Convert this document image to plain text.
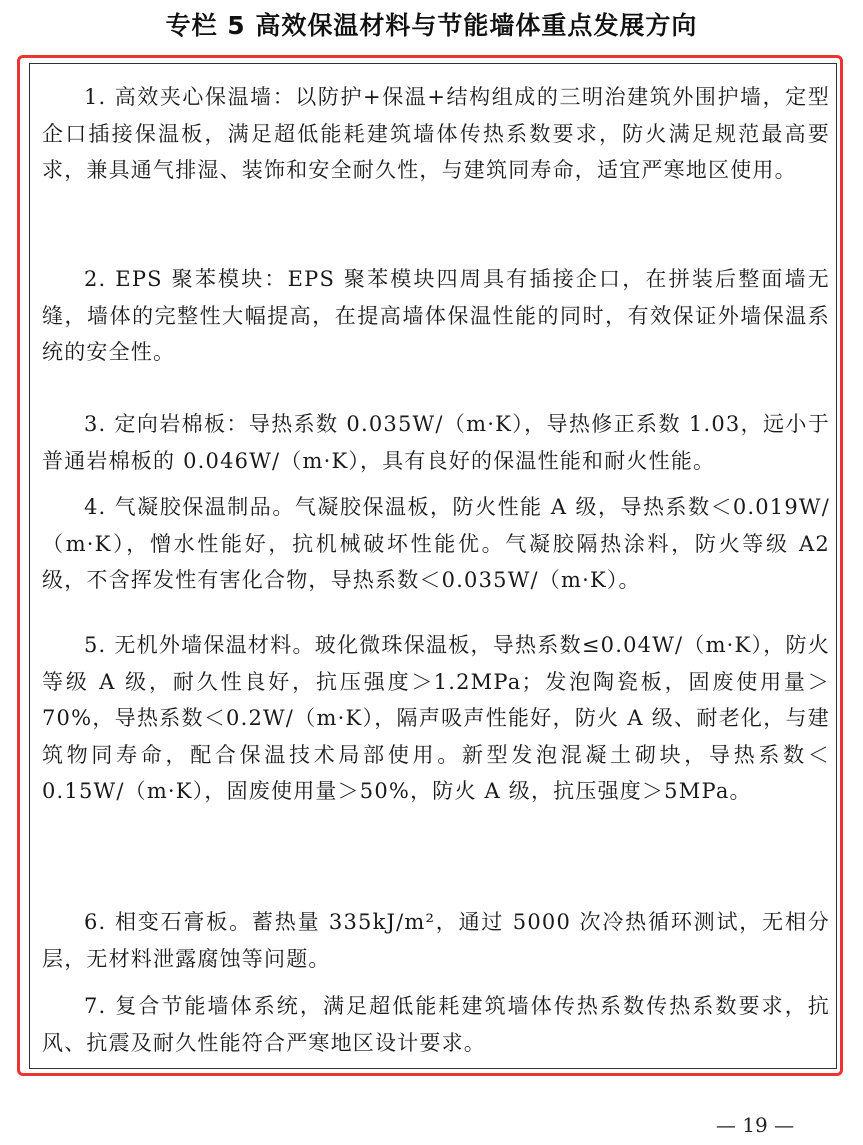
专栏 5 高效保温材料与节能墙体重点发展方向

1. 高效夹心保温墙：以防护+保温+结构组成的三明治建筑外围护墙，定型企口插接保温板，满足超低能耗建筑墙体传热系数要求，防火满足规范最高要求，兼具通气排湿、装饰和安全耐久性，与建筑同寿命，适宜严寒地区使用。

2. EPS 聚苯模块：EPS 聚苯模块四周具有插接企口，在拼装后整面墙无缝，墙体的完整性大幅提高，在提高墙体保温性能的同时，有效保证外墙保温系统的安全性。

3. 定向岩棉板：导热系数 0.035W/（m·K），导热修正系数 1.03，远小于普通岩棉板的 0.046W/（m·K），具有良好的保温性能和耐火性能。

4. 气凝胶保温制品。气凝胶保温板，防火性能 A 级，导热系数＜0.019W/（m·K），憎水性能好，抗机械破坏性能优。气凝胶隔热涂料，防火等级 A2 级，不含挥发性有害化合物，导热系数＜0.035W/（m·K）。

5. 无机外墙保温材料。玻化微珠保温板，导热系数≤0.04W/（m·K），防火等级 A 级，耐久性良好，抗压强度＞1.2MPa；发泡陶瓷板，固废使用量＞70%，导热系数＜0.2W/（m·K），隔声吸声性能好，防火 A 级、耐老化，与建筑物同寿命，配合保温技术局部使用。新型发泡混凝土砌块，导热系数＜0.15W/（m·K），固废使用量＞50%，防火 A 级，抗压强度＞5MPa。

6. 相变石膏板。蓄热量 335kJ/m²，通过 5000 次冷热循环测试，无相分层，无材料泄露腐蚀等问题。

7. 复合节能墙体系统，满足超低能耗建筑墙体传热系数传热系数要求，抗风、抗震及耐久性能符合严寒地区设计要求。

— 19 —
